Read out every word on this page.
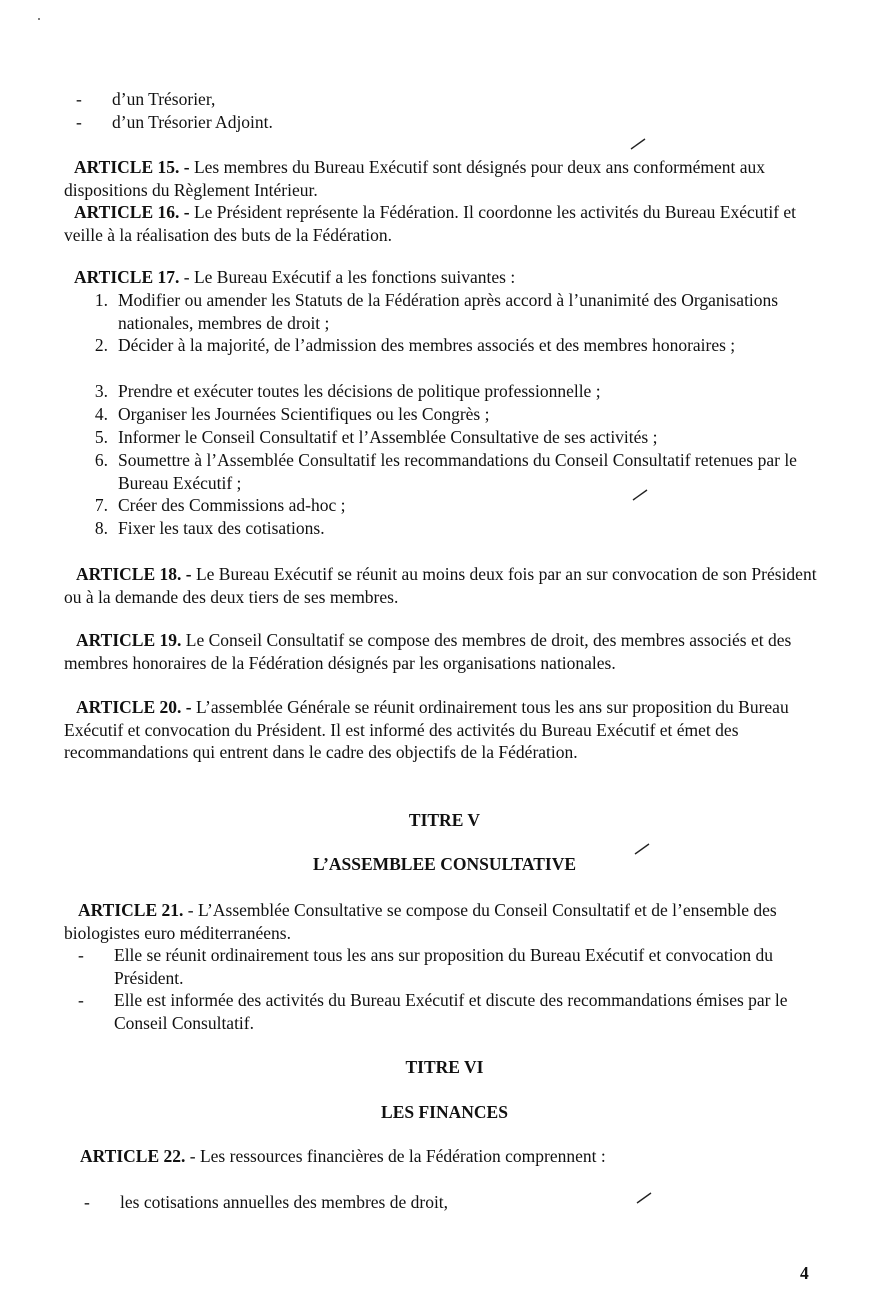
-	d’un Trésorier,

-	d’un Trésorier Adjoint.

ARTICLE 15. - Les membres du Bureau Exécutif sont désignés pour deux ans conformément aux dispositions du Règlement Intérieur.

ARTICLE 16. - Le Président représente la Fédération. Il coordonne les activités du Bureau Exécutif et veille à la réalisation des buts de la Fédération.

ARTICLE 17. - Le Bureau Exécutif a les fonctions suivantes :

1. Modifier ou amender les Statuts de la Fédération après accord à l’unanimité des Organisations nationales, membres de droit ;

2. Décider à la majorité, de l’admission des membres associés et des membres honoraires ;

3. Prendre et exécuter toutes les décisions de politique professionnelle ;

4. Organiser les Journées Scientifiques ou les Congrès ;

5. Informer le Conseil Consultatif et l’Assemblée Consultative de ses activités ;

6. Soumettre à l’Assemblée Consultatif les recommandations du Conseil Consultatif retenues par le Bureau Exécutif ;

7. Créer des Commissions ad-hoc ;

8. Fixer les taux des cotisations.

ARTICLE 18. - Le Bureau Exécutif se réunit au moins deux fois par an sur convocation de son Président ou à la demande des deux tiers de ses membres.

ARTICLE 19. Le Conseil Consultatif se compose des membres de droit, des membres associés et des membres honoraires de la Fédération désignés par les organisations nationales.

ARTICLE 20. - L’assemblée Générale se réunit ordinairement tous les ans sur proposition du Bureau Exécutif et convocation du Président. Il est informé des activités du Bureau Exécutif et émet des recommandations qui entrent dans le cadre des objectifs de la Fédération.

TITRE V

L’ASSEMBLEE CONSULTATIVE

ARTICLE 21. - L’Assemblée Consultative se compose du Conseil Consultatif et de l’ensemble des biologistes euro méditerranéens.

-	Elle se réunit ordinairement tous les ans sur proposition du Bureau Exécutif et convocation du Président.

-	Elle est informée des activités du Bureau Exécutif et discute des recommandations émises par le Conseil Consultatif.

TITRE VI

LES FINANCES

ARTICLE 22. - Les ressources financières de la Fédération comprennent :

-	les cotisations annuelles des membres de droit,

4
